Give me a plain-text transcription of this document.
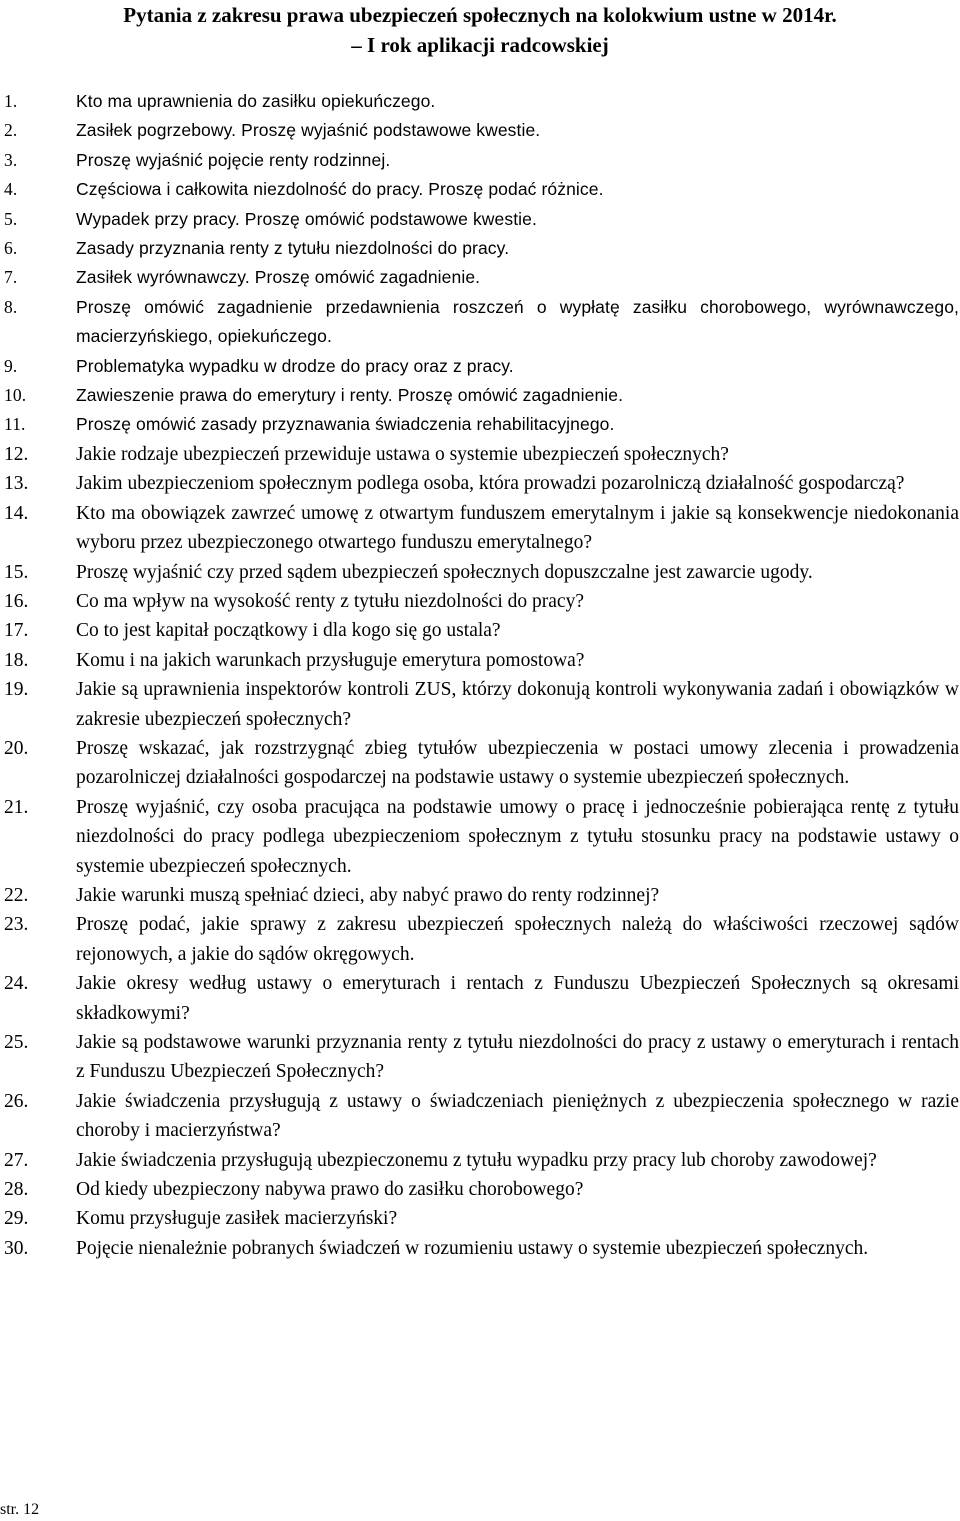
Pytania z zakresu prawa ubezpieczeń społecznych na kolokwium ustne w 2014r.
– I rok aplikacji radcowskiej
1.	Kto ma uprawnienia do zasiłku opiekuńczego.
2.	Zasiłek pogrzebowy. Proszę wyjaśnić podstawowe kwestie.
3.	Proszę wyjaśnić pojęcie renty rodzinnej.
4.	Częściowa i całkowita niezdolność do pracy. Proszę podać różnice.
5.	Wypadek przy pracy. Proszę omówić podstawowe kwestie.
6.	Zasady przyznania renty z tytułu niezdolności do pracy.
7.	Zasiłek wyrównawczy. Proszę omówić zagadnienie.
8.	Proszę omówić zagadnienie przedawnienia roszczeń o wypłatę zasiłku chorobowego, wyrównawczego, macierzyńskiego, opiekuńczego.
9.	Problematyka wypadku w drodze do pracy oraz z pracy.
10.	Zawieszenie prawa do emerytury i renty. Proszę omówić zagadnienie.
11.	Proszę omówić zasady przyznawania świadczenia rehabilitacyjnego.
12. Jakie rodzaje ubezpieczeń przewiduje ustawa o systemie ubezpieczeń społecznych?
13. Jakim ubezpieczeniom społecznym podlega osoba, która prowadzi pozarolniczą działalność gospodarczą?
14. Kto ma obowiązek zawrzeć umowę z otwartym funduszem emerytalnym i jakie są konsekwencje niedokonania wyboru przez ubezpieczonego otwartego funduszu emerytalnego?
15. Proszę wyjaśnić czy przed sądem ubezpieczeń społecznych dopuszczalne jest zawarcie ugody.
16. Co ma wpływ na wysokość renty z tytułu niezdolności do pracy?
17. Co to jest kapitał początkowy i dla kogo się go ustala?
18. Komu i na jakich warunkach przysługuje emerytura pomostowa?
19. Jakie są uprawnienia inspektorów kontroli ZUS, którzy dokonują kontroli wykonywania zadań i obowiązków w zakresie ubezpieczeń społecznych?
20. Proszę wskazać, jak rozstrzygnąć zbieg tytułów ubezpieczenia w postaci umowy zlecenia i prowadzenia pozarolniczej działalności gospodarczej na podstawie ustawy o systemie ubezpieczeń społecznych.
21. Proszę wyjaśnić, czy osoba pracująca na podstawie umowy o pracę i jednocześnie pobierająca rentę z tytułu niezdolności do pracy podlega ubezpieczeniom społecznym z tytułu stosunku pracy na podstawie ustawy o systemie ubezpieczeń społecznych.
22. Jakie warunki muszą spełniać dzieci, aby nabyć prawo do renty rodzinnej?
23. Proszę podać, jakie sprawy z zakresu ubezpieczeń społecznych należą do właściwości rzeczowej sądów rejonowych, a jakie do sądów okręgowych.
24. Jakie okresy według ustawy o emeryturach i rentach z Funduszu Ubezpieczeń Społecznych są okresami składkowymi?
25. Jakie są podstawowe warunki przyznania renty z tytułu niezdolności do pracy z ustawy o emeryturach i rentach z Funduszu Ubezpieczeń Społecznych?
26. Jakie świadczenia przysługują z ustawy o świadczeniach pieniężnych z ubezpieczenia społecznego w razie choroby i macierzyństwa?
27. Jakie świadczenia przysługują ubezpieczonemu z tytułu wypadku przy pracy lub choroby zawodowej?
28. Od kiedy ubezpieczony nabywa prawo do zasiłku chorobowego?
29. Komu przysługuje zasiłek macierzyński?
30. Pojęcie nienależnie pobranych świadczeń w rozumieniu ustawy o systemie ubezpieczeń społecznych.
str. 12
